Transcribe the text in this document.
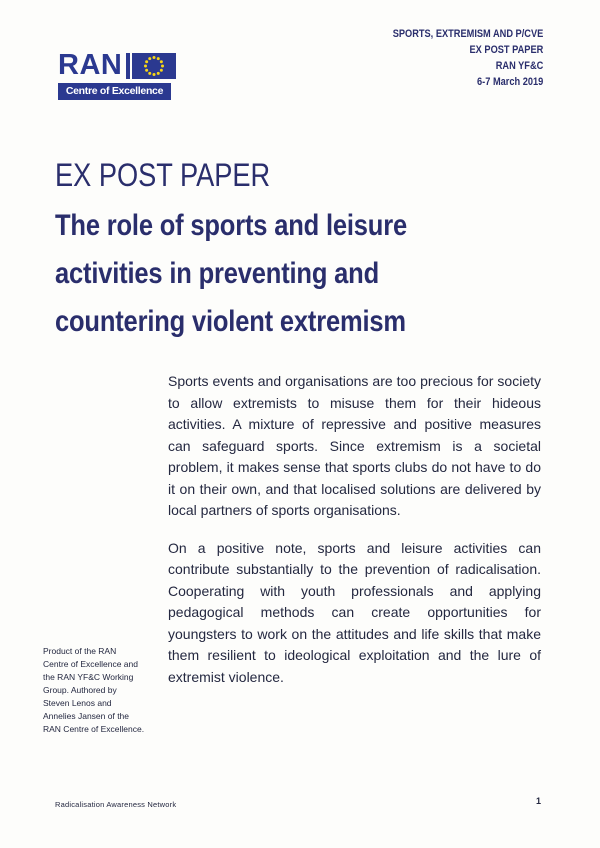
RAN
Centre of Excellence
SPORTS, EXTREMISM AND P/CVE
EX POST PAPER
RAN YF&C
6-7 March 2019
EX POST PAPER
The role of sports and leisure
activities in preventing and
countering violent extremism

Sports events and organisations are too precious for society to allow extremists to misuse them for their hideous activities. A mixture of repressive and positive measures can safeguard sports. Since extremism is a societal problem, it makes sense that sports clubs do not have to do it on their own, and that localised solutions are delivered by local partners of sports organisations.

On a positive note, sports and leisure activities can contribute substantially to the prevention of radicalisation. Cooperating with youth professionals and applying pedagogical methods can create opportunities for youngsters to work on the attitudes and life skills that make them resilient to ideological exploitation and the lure of extremist violence.

Product of the RAN
Centre of Excellence and
the RAN YF&C Working
Group. Authored by
Steven Lenos and
Annelies Jansen of the
RAN Centre of Excellence.
Radicalisation Awareness Network	1
